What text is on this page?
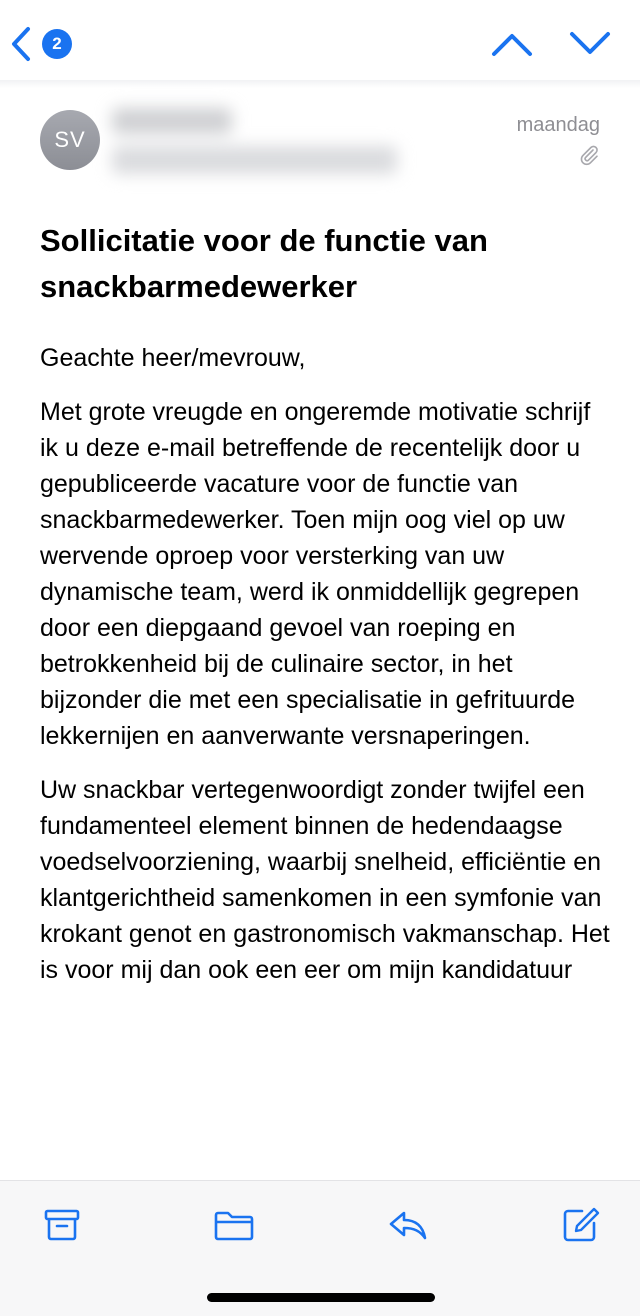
2
SV
maandag
Sollicitatie voor de functie van snackbarmedewerker

Geachte heer/mevrouw,

Met grote vreugde en ongeremde motivatie schrijf ik u deze e-mail betreffende de recentelijk door u gepubliceerde vacature voor de functie van snackbarmedewerker. Toen mijn oog viel op uw wervende oproep voor versterking van uw dynamische team, werd ik onmiddellijk gegrepen door een diepgaand gevoel van roeping en betrokkenheid bij de culinaire sector, in het bijzonder die met een specialisatie in gefrituurde lekkernijen en aanverwante versnaperingen.

Uw snackbar vertegenwoordigt zonder twijfel een fundamenteel element binnen de hedendaagse voedselvoorziening, waarbij snelheid, efficiëntie en klantgerichtheid samenkomen in een symfonie van krokant genot en gastronomisch vakmanschap. Het is voor mij dan ook een eer om mijn kandidatuur
